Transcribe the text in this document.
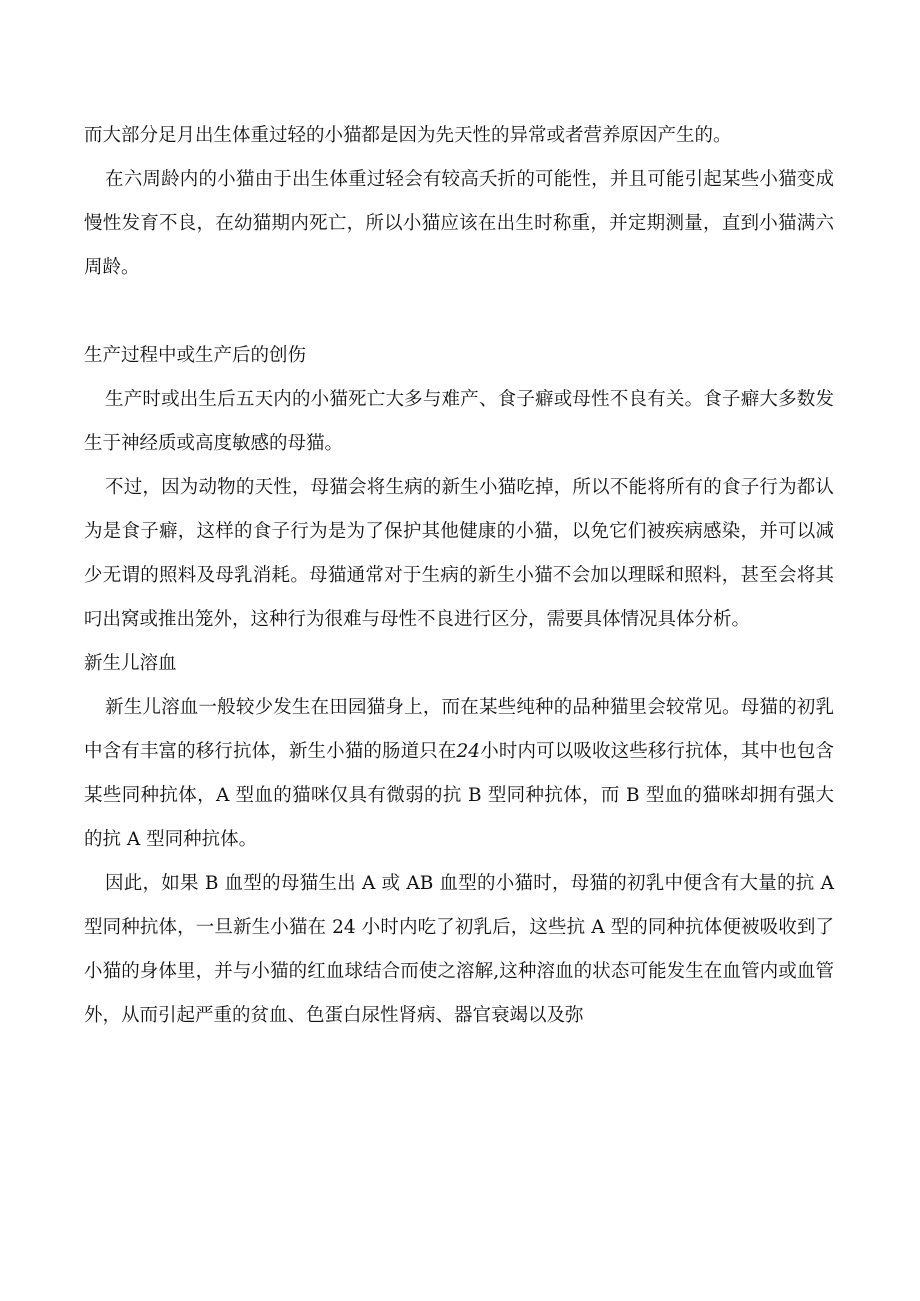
而大部分足月出生体重过轻的小猫都是因为先天性的异常或者营养原因产生的。

在六周龄内的小猫由于出生体重过轻会有较高夭折的可能性，并且可能引起某些小猫变成慢性发育不良，在幼猫期内死亡，所以小猫应该在出生时称重，并定期测量，直到小猫满六周龄。

生产过程中或生产后的创伤

生产时或出生后五天内的小猫死亡大多与难产、食子癖或母性不良有关。食子癖大多数发生于神经质或高度敏感的母猫。

不过，因为动物的天性，母猫会将生病的新生小猫吃掉，所以不能将所有的食子行为都认为是食子癖，这样的食子行为是为了保护其他健康的小猫，以免它们被疾病感染，并可以减少无谓的照料及母乳消耗。母猫通常对于生病的新生小猫不会加以理睬和照料，甚至会将其叼出窝或推出笼外，这种行为很难与母性不良进行区分，需要具体情况具体分析。

新生儿溶血

新生儿溶血一般较少发生在田园猫身上，而在某些纯种的品种猫里会较常见。母猫的初乳中含有丰富的移行抗体，新生小猫的肠道只在24小时内可以吸收这些移行抗体，其中也包含某些同种抗体，A 型血的猫咪仅具有微弱的抗 B 型同种抗体，而 B 型血的猫咪却拥有强大的抗 A 型同种抗体。

因此，如果 B 血型的母猫生出 A 或 AB 血型的小猫时，母猫的初乳中便含有大量的抗 A 型同种抗体，一旦新生小猫在 24 小时内吃了初乳后，这些抗 A 型的同种抗体便被吸收到了小猫的身体里，并与小猫的红血球结合而使之溶解,这种溶血的状态可能发生在血管内或血管外，从而引起严重的贫血、色蛋白尿性肾病、器官衰竭以及弥
